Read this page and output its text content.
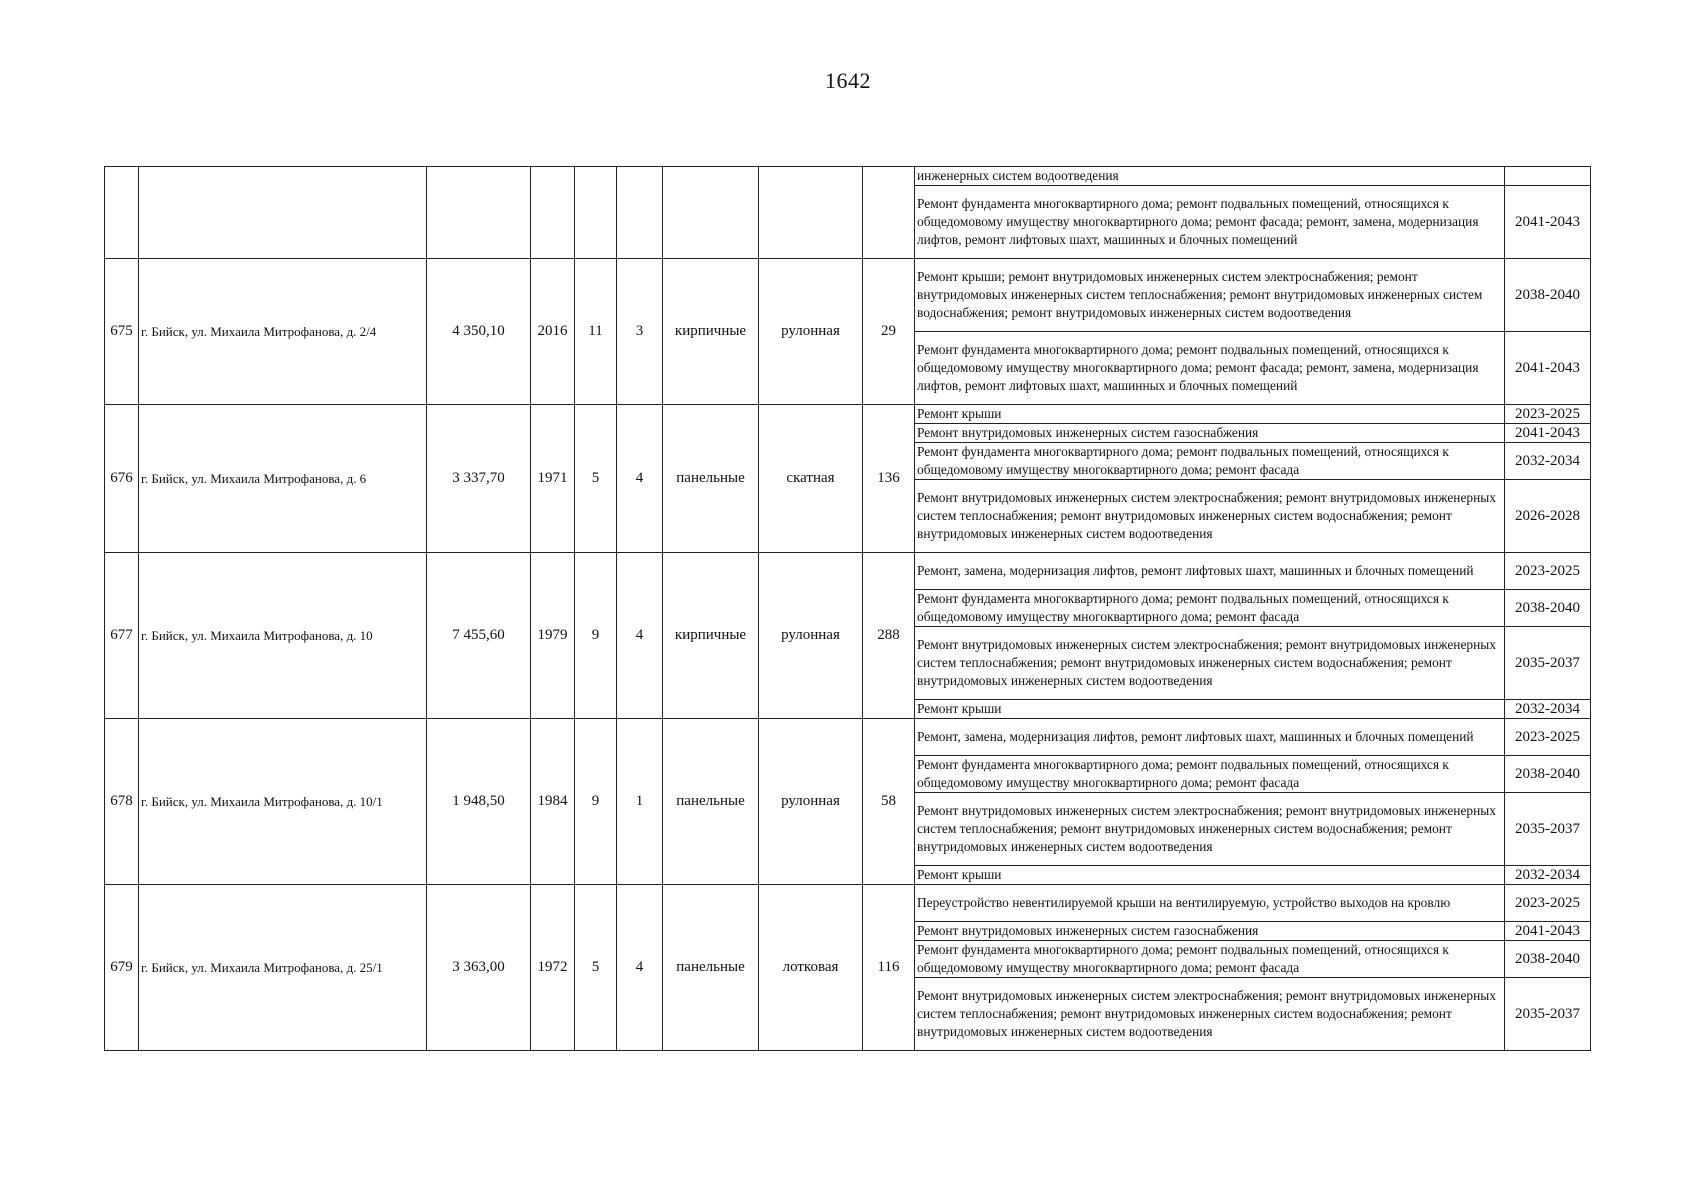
1642
									инженерных систем водоотведения	
									Ремонт фундамента многоквартирного дома; ремонт подвальных помещений, относящихся к общедомовому имуществу многоквартирного дома; ремонт фасада; ремонт, замена, модернизация лифтов, ремонт лифтовых шахт, машинных и блочных помещений	2041-2043
675	г. Бийск, ул. Михаила Митрофанова, д. 2/4	4 350,10	2016	11	3	кирпичные	рулонная	29	Ремонт крыши; ремонт внутридомовых инженерных систем электроснабжения; ремонт внутридомовых инженерных систем теплоснабжения; ремонт внутридомовых инженерных систем водоснабжения; ремонт внутридомовых инженерных систем водоотведения	2038-2040
									Ремонт фундамента многоквартирного дома; ремонт подвальных помещений, относящихся к общедомовому имуществу многоквартирного дома; ремонт фасада; ремонт, замена, модернизация лифтов, ремонт лифтовых шахт, машинных и блочных помещений	2041-2043
676	г. Бийск, ул. Михаила Митрофанова, д. 6	3 337,70	1971	5	4	панельные	скатная	136	Ремонт крыши	2023-2025
									Ремонт внутридомовых инженерных систем газоснабжения	2041-2043
									Ремонт фундамента многоквартирного дома; ремонт подвальных помещений, относящихся к общедомовому имуществу многоквартирного дома; ремонт фасада	2032-2034
									Ремонт внутридомовых инженерных систем электроснабжения; ремонт внутридомовых инженерных систем теплоснабжения; ремонт внутридомовых инженерных систем водоснабжения; ремонт внутридомовых инженерных систем водоотведения	2026-2028
677	г. Бийск, ул. Михаила Митрофанова, д. 10	7 455,60	1979	9	4	кирпичные	рулонная	288	Ремонт, замена, модернизация лифтов, ремонт лифтовых шахт, машинных и блочных помещений	2023-2025
									Ремонт фундамента многоквартирного дома; ремонт подвальных помещений, относящихся к общедомовому имуществу многоквартирного дома; ремонт фасада	2038-2040
									Ремонт внутридомовых инженерных систем электроснабжения; ремонт внутридомовых инженерных систем теплоснабжения; ремонт внутридомовых инженерных систем водоснабжения; ремонт внутридомовых инженерных систем водоотведения	2035-2037
									Ремонт крыши	2032-2034
678	г. Бийск, ул. Михаила Митрофанова, д. 10/1	1 948,50	1984	9	1	панельные	рулонная	58	Ремонт, замена, модернизация лифтов, ремонт лифтовых шахт, машинных и блочных помещений	2023-2025
									Ремонт фундамента многоквартирного дома; ремонт подвальных помещений, относящихся к общедомовому имуществу многоквартирного дома; ремонт фасада	2038-2040
									Ремонт внутридомовых инженерных систем электроснабжения; ремонт внутридомовых инженерных систем теплоснабжения; ремонт внутридомовых инженерных систем водоснабжения; ремонт внутридомовых инженерных систем водоотведения	2035-2037
									Ремонт крыши	2032-2034
679	г. Бийск, ул. Михаила Митрофанова, д. 25/1	3 363,00	1972	5	4	панельные	лотковая	116	Переустройство невентилируемой крыши на вентилируемую, устройство выходов на кровлю	2023-2025
									Ремонт внутридомовых инженерных систем газоснабжения	2041-2043
									Ремонт фундамента многоквартирного дома; ремонт подвальных помещений, относящихся к общедомовому имуществу многоквартирного дома; ремонт фасада	2038-2040
									Ремонт внутридомовых инженерных систем электроснабжения; ремонт внутридомовых инженерных систем теплоснабжения; ремонт внутридомовых инженерных систем водоснабжения; ремонт внутридомовых инженерных систем водоотведения	2035-2037
